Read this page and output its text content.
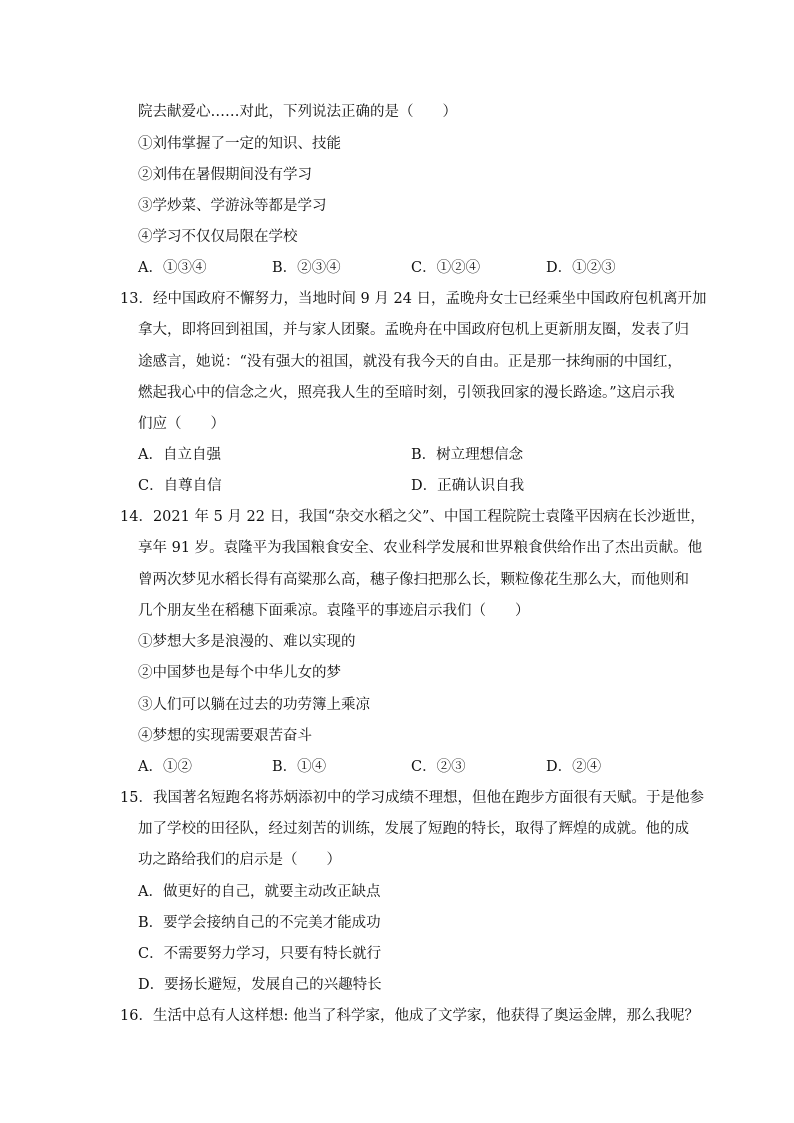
院去献爱心……对此，下列说法正确的是（　　）
①刘伟掌握了一定的知识、技能
②刘伟在暑假期间没有学习
③学炒菜、学游泳等都是学习
④学习不仅仅局限在学校
A．①③④	B．②③④	C．①②④	D．①②③
13．经中国政府不懈努力，当地时间 9 月 24 日，孟晚舟女士已经乘坐中国政府包机离开加
拿大，即将回到祖国，并与家人团聚。孟晚舟在中国政府包机上更新朋友圈，发表了归
途感言，她说：“没有强大的祖国，就没有我今天的自由。正是那一抹绚丽的中国红，
燃起我心中的信念之火，照亮我人生的至暗时刻，引领我回家的漫长路途。”这启示我
们应（　　）
A．自立自强	B．树立理想信念
C．自尊自信	D．正确认识自我
14．2021 年 5 月 22 日，我国“杂交水稻之父”、中国工程院院士袁隆平因病在长沙逝世，
享年 91 岁。袁隆平为我国粮食安全、农业科学发展和世界粮食供给作出了杰出贡献。他
曾两次梦见水稻长得有高粱那么高，穗子像扫把那么长，颗粒像花生那么大，而他则和
几个朋友坐在稻穗下面乘凉。袁隆平的事迹启示我们（　　）
①梦想大多是浪漫的、难以实现的
②中国梦也是每个中华儿女的梦
③人们可以躺在过去的功劳簿上乘凉
④梦想的实现需要艰苦奋斗
A．①②	B．①④	C．②③	D．②④
15．我国著名短跑名将苏炳添初中的学习成绩不理想，但他在跑步方面很有天赋。于是他参
加了学校的田径队，经过刻苦的训练，发展了短跑的特长，取得了辉煌的成就。他的成
功之路给我们的启示是（　　）
A．做更好的自己，就要主动改正缺点
B．要学会接纳自己的不完美才能成功
C．不需要努力学习，只要有特长就行
D．要扬长避短，发展自己的兴趣特长
16．生活中总有人这样想: 他当了科学家，他成了文学家，他获得了奥运金牌，那么我呢？
